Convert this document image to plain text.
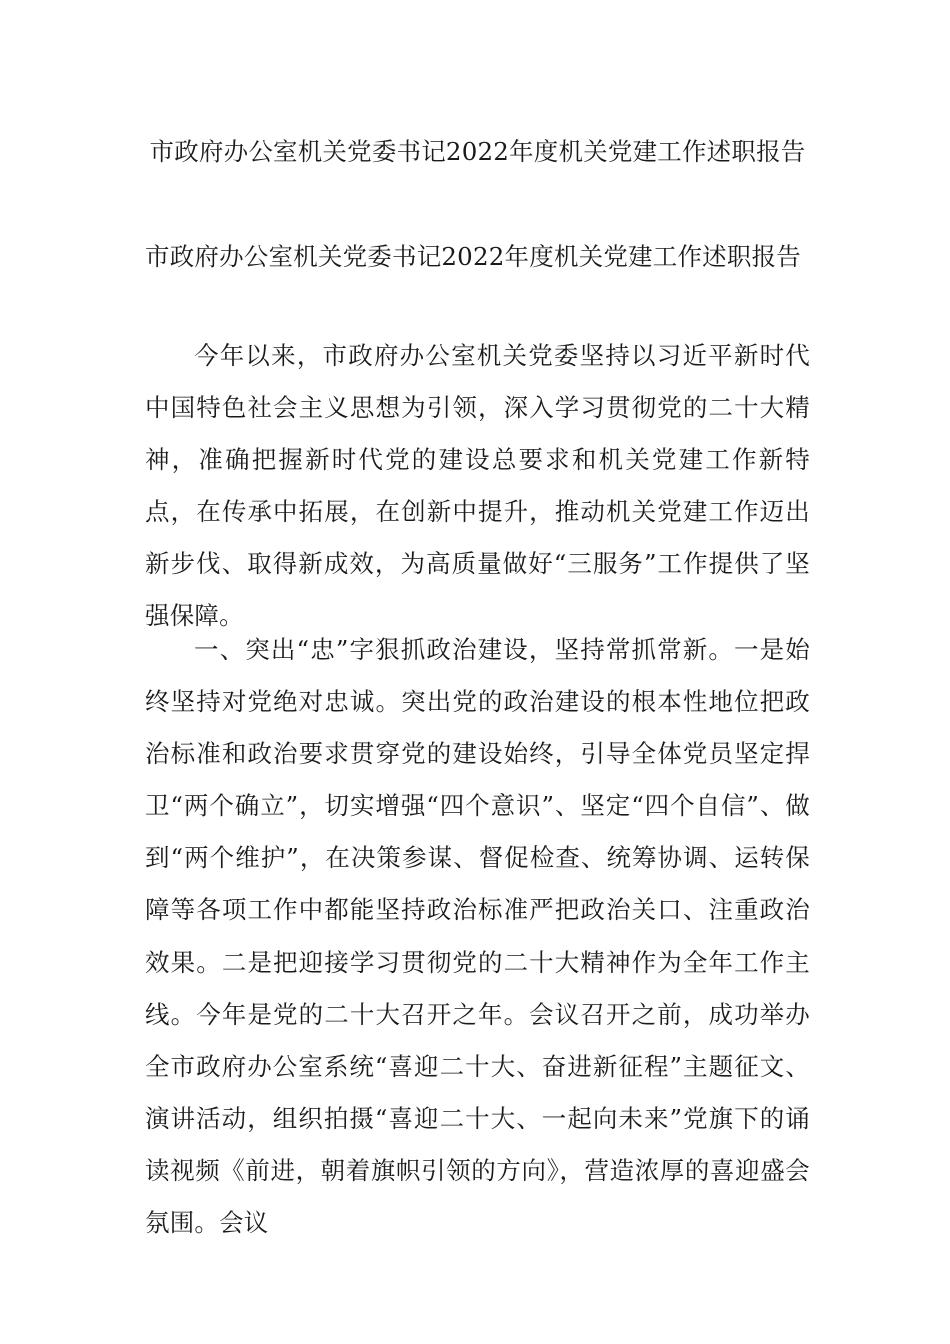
市政府办公室机关党委书记2022年度机关党建工作述职报告

市政府办公室机关党委书记2022年度机关党建工作述职报告

今年以来，市政府办公室机关党委坚持以习近平新时代中国特色社会主义思想为引领，深入学习贯彻党的二十大精神，准确把握新时代党的建设总要求和机关党建工作新特点，在传承中拓展，在创新中提升，推动机关党建工作迈出新步伐、取得新成效，为高质量做好“三服务”工作提供了坚强保障。

一、突出“忠”字狠抓政治建设，坚持常抓常新。一是始终坚持对党绝对忠诚。突出党的政治建设的根本性地位把政治标准和政治要求贯穿党的建设始终，引导全体党员坚定捍卫“两个确立”，切实增强“四个意识”、坚定“四个自信”、做到“两个维护”，在决策参谋、督促检查、统筹协调、运转保障等各项工作中都能坚持政治标准严把政治关口、注重政治效果。二是把迎接学习贯彻党的二十大精神作为全年工作主线。今年是党的二十大召开之年。会议召开之前，成功举办全市政府办公室系统“喜迎二十大、奋进新征程”主题征文、演讲活动，组织拍摄“喜迎二十大、一起向未来”党旗下的诵读视频《前进，朝着旗帜引领的方向》，营造浓厚的喜迎盛会氛围。会议
